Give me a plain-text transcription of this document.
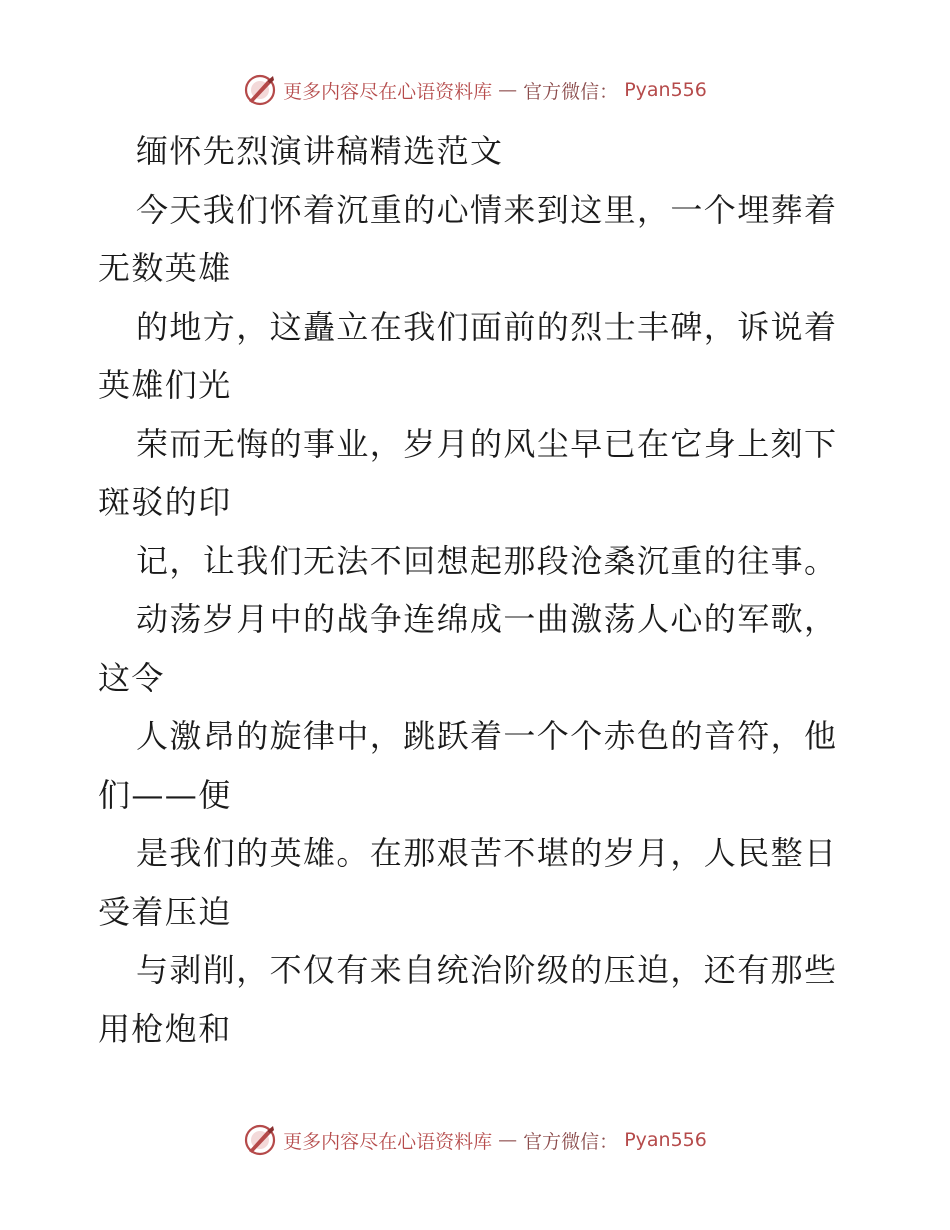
更多内容尽在心语资料库 — 官方微信： Pyan556
缅怀先烈演讲稿精选范文
今天我们怀着沉重的心情来到这里，一个埋葬着
无数英雄
的地方，这矗立在我们面前的烈士丰碑，诉说着
英雄们光
荣而无悔的事业，岁月的风尘早已在它身上刻下
斑驳的印
记，让我们无法不回想起那段沧桑沉重的往事。
动荡岁月中的战争连绵成一曲激荡人心的军歌，
这令
人激昂的旋律中，跳跃着一个个赤色的音符，他
们——便
是我们的英雄。在那艰苦不堪的岁月，人民整日
受着压迫
与剥削，不仅有来自统治阶级的压迫，还有那些
用枪炮和
更多内容尽在心语资料库 — 官方微信： Pyan556
